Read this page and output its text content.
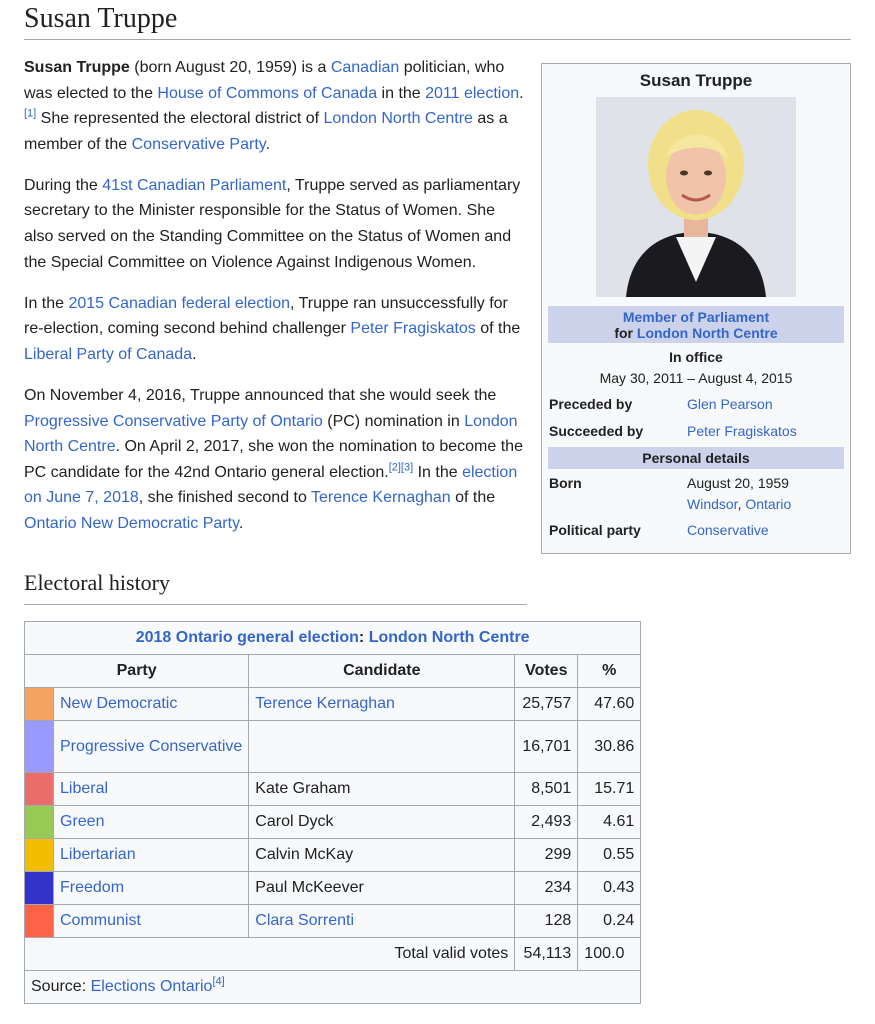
Susan Truppe

Susan Truppe (born August 20, 1959) is a Canadian politician, who was elected to the House of Commons of Canada in the 2011 election.[1] She represented the electoral district of London North Centre as a member of the Conservative Party.

During the 41st Canadian Parliament, Truppe served as parliamentary secretary to the Minister responsible for the Status of Women. She also served on the Standing Committee on the Status of Women and the Special Committee on Violence Against Indigenous Women.

In the 2015 Canadian federal election, Truppe ran unsuccessfully for re-election, coming second behind challenger Peter Fragiskatos of the Liberal Party of Canada.

On November 4, 2016, Truppe announced that she would seek the Progressive Conservative Party of Ontario (PC) nomination in London North Centre. On April 2, 2017, she won the nomination to become the PC candidate for the 42nd Ontario general election.[2][3] In the election on June 7, 2018, she finished second to Terence Kernaghan of the Ontario New Democratic Party.

Susan Truppe
Member of Parliament
for London North Centre
In office
May 30, 2011 – August 4, 2015
Preceded by	Glen Pearson
Succeeded by	Peter Fragiskatos
Personal details
Born	August 20, 1959
Windsor, Ontario
Political party	Conservative
Electoral history
2018 Ontario general election: London North Centre				
Party		Candidate	Votes	%
	New Democratic	Terence Kernaghan	25,757	47.60
	Progressive Conservative		16,701	30.86
	Liberal	Kate Graham	8,501	15.71
	Green	Carol Dyck	2,493	4.61
	Libertarian	Calvin McKay	299	0.55
	Freedom	Paul McKeever	234	0.43
	Communist	Clara Sorrenti	128	0.24
Total valid votes			54,113	100.0
Source: Elections Ontario[4]
